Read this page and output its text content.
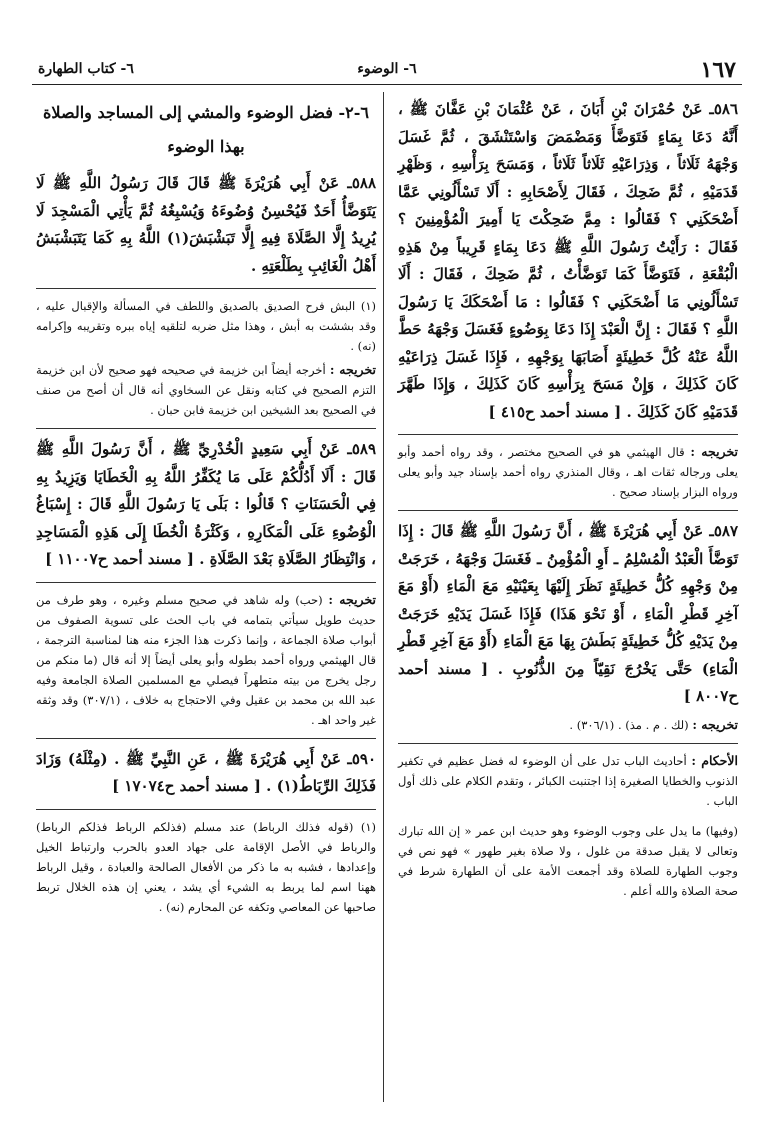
١٦٧
٦- الوضوء
٦- كتاب الطهارة

٥٨٦ـ عَنْ حُمْرَانَ بْنِ أَبَانَ ، عَنْ عُثْمَانَ بْنِ عَفَّانَ ﷺ ، أَنَّهُ دَعَا بِمَاءٍ فَتَوَضَّأَ وَمَضْمَضَ وَاسْتَنْشَقَ ، ثُمَّ غَسَلَ وَجْهَهُ ثَلَاثاً ، وَذِرَاعَيْهِ ثَلَاثاً ثَلَاثاً ، وَمَسَحَ بِرَأْسِهِ ، وَظَهْرِ قَدَمَيْهِ ، ثُمَّ ضَحِكَ ، فَقَالَ لِأَصْحَابِهِ : أَلَا تَسْأَلُونِي عَمَّا أَضْحَكَنِي ؟ فَقَالُوا : مِمَّ ضَحِكْتَ يَا أَمِيرَ الْمُؤْمِنِينَ ؟ فَقَالَ : رَأَيْتُ رَسُولَ اللَّهِ ﷺ دَعَا بِمَاءٍ قَرِيباً مِنْ هَذِهِ الْبُقْعَةِ ، فَتَوَضَّأَ كَمَا تَوَضَّأْتُ ، ثُمَّ ضَحِكَ ، فَقَالَ : أَلَا تَسْأَلُونِي مَا أَضْحَكَنِي ؟ فَقَالُوا : مَا أَضْحَكَكَ يَا رَسُولَ اللَّهِ ؟ فَقَالَ : إِنَّ الْعَبْدَ إِذَا دَعَا بِوَضُوءٍ فَغَسَلَ وَجْهَهُ حَطَّ اللَّهُ عَنْهُ كُلَّ خَطِيئَةٍ أَصَابَهَا بِوَجْهِهِ ، فَإِذَا غَسَلَ ذِرَاعَيْهِ كَانَ كَذَلِكَ ، وَإِنْ مَسَحَ بِرَأْسِهِ كَانَ كَذَلِكَ ، وَإِذَا طَهَّرَ قَدَمَيْهِ كَانَ كَذَلِكَ . [ مسند أحمد ح٤١٥ ]

تخريجه : قال الهيثمي هو في الصحيح مختصر ، وقد رواه أحمد وأبو يعلى ورجاله ثقات اهـ ، وقال المنذري رواه أحمد بإسناد جيد وأبو يعلى ورواه البزار بإسناد صحيح .

٥٨٧ـ عَنْ أَبِي هُرَيْرَةَ ﷺ ، أَنَّ رَسُولَ اللَّهِ ﷺ قَالَ : إِذَا تَوَضَّأَ الْعَبْدُ الْمُسْلِمُ ـ أَوِ الْمُؤْمِنُ ـ فَغَسَلَ وَجْهَهُ ، خَرَجَتْ مِنْ وَجْهِهِ كُلُّ خَطِيئَةٍ نَظَرَ إِلَيْهَا بِعَيْنَيْهِ مَعَ الْمَاءِ (أَوْ مَعَ آخِرِ قَطْرِ الْمَاءِ ، أَوْ نَحْوَ هَذَا) فَإِذَا غَسَلَ يَدَيْهِ خَرَجَتْ مِنْ يَدَيْهِ كُلُّ خَطِيئَةٍ بَطَشَ بِهَا مَعَ الْمَاءِ (أَوْ مَعَ آخِرِ قَطْرِ الْمَاءِ) حَتَّى يَخْرُجَ نَقِيّاً مِنَ الذُّنُوبِ . [ مسند أحمد ح٨٠٠٧ ]

تخريجه : (لك . م . مذ) . (٣٠٦/١) .

الأحكام : أحاديث الباب تدل على أن الوضوء له فضل عظيم في تكفير الذنوب والخطايا الصغيرة إذا اجتنبت الكبائر ، وتقدم الكلام على ذلك أول الباب .

(وفيها) ما يدل على وجوب الوضوء وهو حديث ابن عمر « إن الله تبارك وتعالى لا يقبل صدقة من غلول ، ولا صلاة بغير طهور » فهو نص في وجوب الطهارة للصلاة وقد أجمعت الأمة على أن الطهارة شرط في صحة الصلاة والله أعلم .

٦-٢- فضل الوضوء والمشي إلى المساجد والصلاة بهذا الوضوء

٥٨٨ـ عَنْ أَبِي هُرَيْرَةَ ﷺ قَالَ قَالَ رَسُولُ اللَّهِ ﷺ لَا يَتَوَضَّأُ أَحَدٌ فَيُحْسِنُ وُضُوءَهُ وَيُسْبِغُهُ ثُمَّ يَأْتِي الْمَسْجِدَ لَا يُرِيدُ إِلَّا الصَّلَاةَ فِيهِ إِلَّا تَبَشْبَشَ(١) اللَّهُ بِهِ كَمَا يَتَبَشْبَشُ أَهْلُ الْغَائِبِ بِطَلْعَتِهِ .

(١) البش فرح الصديق بالصديق واللطف في المسألة والإقبال عليه ، وقد بششت به أبش ، وهذا مثل ضربه لتلقيه إياه ببره وتقريبه وإكرامه (نه) .

تخريجه : أخرجه أيضاً ابن خزيمة في صحيحه فهو صحيح لأن ابن خزيمة التزم الصحيح في كتابه ونقل عن السخاوي أنه قال أن أصح من صنف في الصحيح بعد الشيخين ابن خزيمة فابن حبان .

٥٨٩ـ عَنْ أَبِي سَعِيدٍ الْخُدْرِيِّ ﷺ ، أَنَّ رَسُولَ اللَّهِ ﷺ قَالَ : أَلَا أَدُلُّكُمْ عَلَى مَا يُكَفِّرُ اللَّهُ بِهِ الْخَطَايَا وَيَزِيدُ بِهِ فِي الْحَسَنَاتِ ؟ قَالُوا : بَلَى يَا رَسُولَ اللَّهِ قَالَ : إِسْبَاغُ الْوُضُوءِ عَلَى الْمَكَارِهِ ، وَكَثْرَةُ الْخُطَا إِلَى هَذِهِ الْمَسَاجِدِ ، وَانْتِظَارُ الصَّلَاةِ بَعْدَ الصَّلَاةِ . [ مسند أحمد ح١١٠٠٧ ]

تخريجه : (حب) وله شاهد في صحيح مسلم وغيره ، وهو طرف من حديث طويل سيأتي بتمامه في باب الحث على تسوية الصفوف من أبواب صلاة الجماعة ، وإنما ذكرت هذا الجزء منه هنا لمناسبة الترجمة ، قال الهيثمي ورواه أحمد بطوله وأبو يعلى أيضاً إلا أنه قال (ما منكم من رجل يخرج من بيته متطهراً فيصلي مع المسلمين الصلاة الجامعة وفيه عبد الله بن محمد بن عقيل وفي الاحتجاج به خلاف ، (٣٠٧/١) وقد وثقه غير واحد اهـ .

٥٩٠ـ عَنْ أَبِي هُرَيْرَةَ ﷺ ، عَنِ النَّبِيِّ ﷺ . (مِثْلَهُ) وَزَادَ فَذَلِكَ الرِّبَاطُ(١) . [ مسند أحمد ح١٧٠٧٤ ]

(١) (قوله فذلك الرباط) عند مسلم (فذلكم الرباط فذلكم الرباط) والرباط في الأصل الإقامة على جهاد العدو بالحرب وارتباط الخيل وإعدادها ، فشبه به ما ذكر من الأفعال الصالحة والعبادة ، وقيل الرباط ههنا اسم لما يربط به الشيء أي يشد ، يعني إن هذه الخلال تربط صاحبها عن المعاصي وتكفه عن المحارم (نه) .
